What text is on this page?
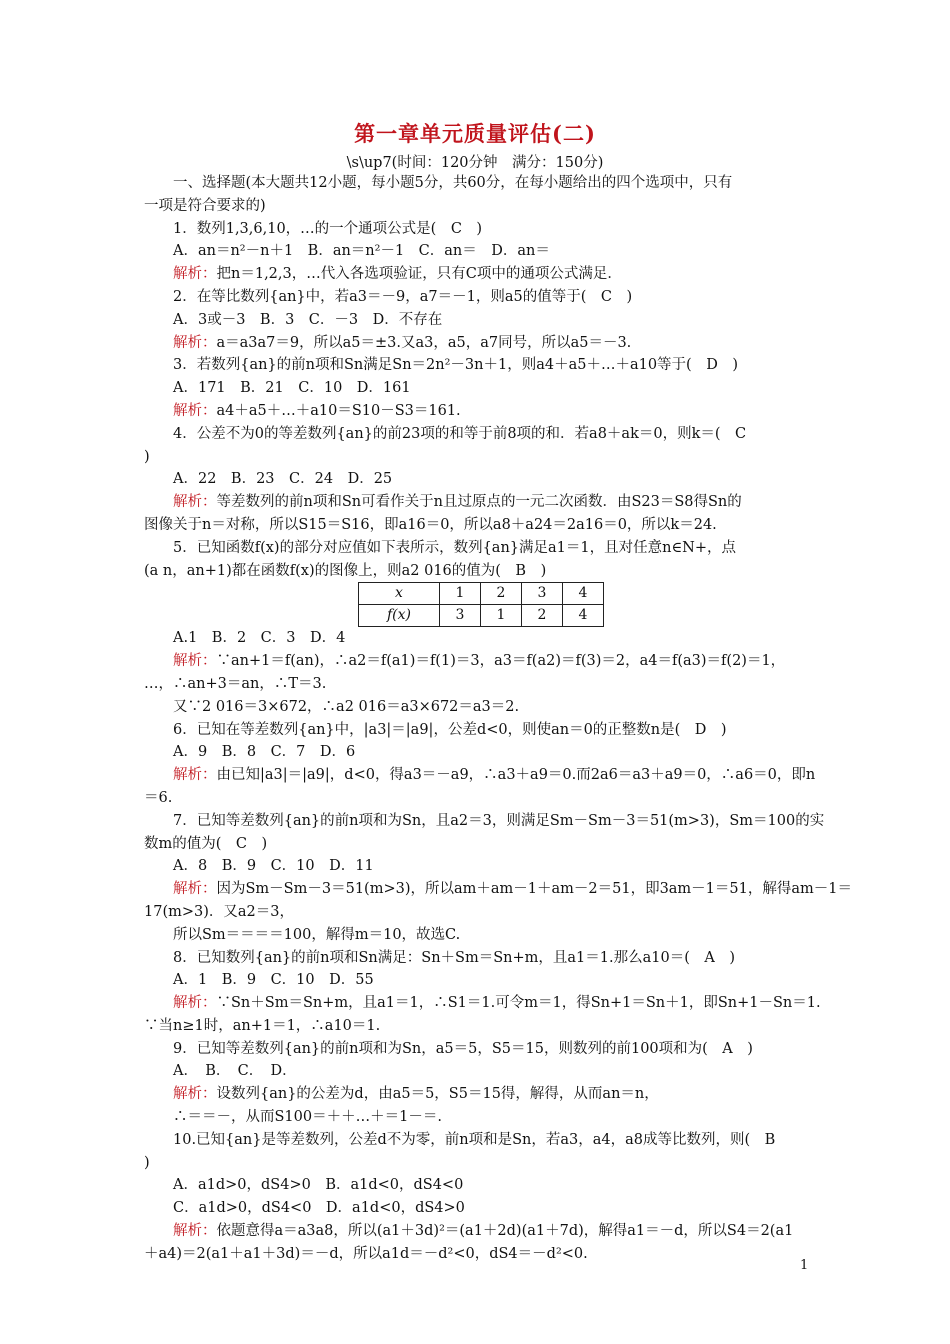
第一章单元质量评估(二)
\s\up7(时间：120分钟　满分：150分)
一、选择题(本大题共12小题，每小题5分，共60分，在每小题给出的四个选项中，只有
一项是符合要求的)
1．数列1,3,6,10，…的一个通项公式是(　C　)
A．an＝n²－n＋1　B．an＝n²－1　C．an＝　D．an＝
解析：把n＝1,2,3，…代入各选项验证，只有C项中的通项公式满足．
2．在等比数列{an}中，若a3＝－9，a7＝－1，则a5的值等于(　C　)
A．3或－3　B．3　C．－3　D．不存在
解析：a＝a3a7＝9，所以a5＝±3.又a3，a5，a7同号，所以a5＝－3.
3．若数列{an}的前n项和Sn满足Sn＝2n²－3n＋1，则a4＋a5＋…＋a10等于(　D　)
A．171　B．21　C．10　D．161
解析：a4＋a5＋…＋a10＝S10－S3＝161.
4．公差不为0的等差数列{an}的前23项的和等于前8项的和．若a8＋ak＝0，则k＝(　C
)
A．22　B．23　C．24　D．25
解析：等差数列的前n项和Sn可看作关于n且过原点的一元二次函数．由S23＝S8得Sn的
图像关于n＝对称，所以S15＝S16，即a16＝0，所以a8＋a24＝2a16＝0，所以k＝24.
5．已知函数f(x)的部分对应值如下表所示，数列{an}满足a1＝1，且对任意n∈N+，点
(a n，an+1)都在函数f(x)的图像上，则a2 016的值为(　B　)
x	1	2	3	4
f(x)	3	1	2	4
A.1　B．2　C．3　D．4
解析：∵an+1＝f(an)，∴a2＝f(a1)＝f(1)＝3，a3＝f(a2)＝f(3)＝2，a4＝f(a3)＝f(2)＝1，
…，∴an+3＝an，∴T＝3.
又∵2 016＝3×672，∴a2 016＝a3×672＝a3＝2.
6．已知在等差数列{an}中，|a3|＝|a9|，公差d<0，则使an＝0的正整数n是(　D　)
A．9　B．8　C．7　D．6
解析：由已知|a3|＝|a9|，d<0，得a3＝－a9，∴a3＋a9＝0.而2a6＝a3＋a9＝0，∴a6＝0，即n
＝6.
7．已知等差数列{an}的前n项和为Sn，且a2＝3，则满足Sm－Sm－3＝51(m>3)，Sm＝100的实
数m的值为(　C　)
A．8　B．9　C．10　D．11
解析：因为Sm－Sm－3＝51(m>3)，所以am＋am－1＋am－2＝51，即3am－1＝51，解得am－1＝
17(m>3)．又a2＝3，
所以Sm＝＝＝＝100，解得m＝10，故选C.
8．已知数列{an}的前n项和Sn满足：Sn＋Sm＝Sn+m，且a1＝1.那么a10＝(　A　)
A．1　B．9　C．10　D．55
解析：∵Sn＋Sm＝Sn+m，且a1＝1，∴S1＝1.可令m＝1，得Sn+1＝Sn＋1，即Sn+1－Sn＝1.
∵当n≥1时，an+1＝1，∴a10＝1.
9．已知等差数列{an}的前n项和为Sn，a5＝5，S5＝15，则数列的前100项和为(　A　)
A．　B．　C．　D．
解析：设数列{an}的公差为d，由a5＝5，S5＝15得，解得，从而an＝n，
∴＝＝－，从而S100＝＋＋…＋＝1－＝.
10.已知{an}是等差数列，公差d不为零，前n项和是Sn，若a3，a4，a8成等比数列，则(　B
)
A．a1d>0，dS4>0　B．a1d<0，dS4<0
C．a1d>0，dS4<0　D．a1d<0，dS4>0
解析：依题意得a＝a3a8，所以(a1＋3d)²＝(a1＋2d)(a1＋7d)，解得a1＝－d，所以S4＝2(a1
＋a4)＝2(a1＋a1＋3d)＝－d，所以a1d＝－d²<0，dS4＝－d²<0.
1
